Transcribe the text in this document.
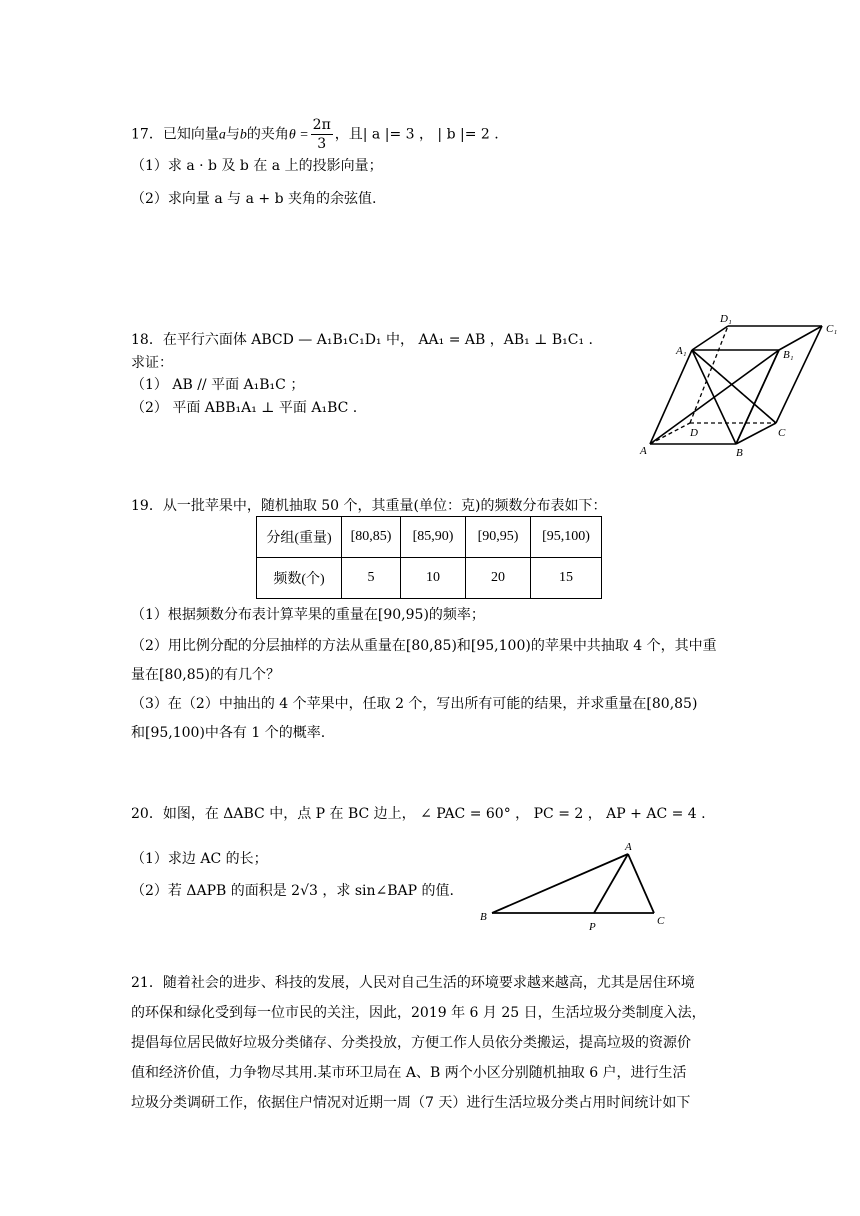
17．已知向量a与b的夹角$\theta = \frac{2\pi}{3}$ ，且| a |= 3 ， | b |= 2 .
（1）求 a · b 及 b 在 a 上的投影向量；
（2）求向量 a 与 a + b 夹角的余弦值.
18．在平行六面体 ABCD — A₁B₁C₁D₁ 中， AA₁ = AB ，AB₁ ⊥ B₁C₁ .
求证：
（1） AB // 平面 A₁B₁C ；
（2） 平面 ABB₁A₁ ⊥ 平面 A₁BC .
D₁
C₁
A₁	B₁
D	C
A	B
19．从一批苹果中，随机抽取 50 个，其重量(单位：克)的频数分布表如下：
分组(重量)	[80,85)	[85,90)	[90,95)	[95,100)
频数(个)	5	10	20	15
（1）根据频数分布表计算苹果的重量在[90,95)的频率；
（2）用比例分配的分层抽样的方法从重量在[80,85)和[95,100)的苹果中共抽取 4 个，其中重
量在[80,85)的有几个？
（3）在（2）中抽出的 4 个苹果中，任取 2 个，写出所有可能的结果，并求重量在[80,85)
和[95,100)中各有 1 个的概率.
20．如图，在 ΔABC 中，点 P 在 BC 边上， ∠ PAC = 60° ， PC = 2 ， AP + AC = 4 .
（1）求边 AC 的长；
（2）若 ΔAPB 的面积是 2√3 ，求 sin∠BAP 的值.
A
B
P	C
21．随着社会的进步、科技的发展，人民对自己生活的环境要求越来越高，尤其是居住环境
的环保和绿化受到每一位市民的关注，因此，2019 年 6 月 25 日，生活垃圾分类制度入法，
提倡每位居民做好垃圾分类储存、分类投放，方便工作人员依分类搬运，提高垃圾的资源价
值和经济价值，力争物尽其用.某市环卫局在 A、B 两个小区分别随机抽取 6 户，进行生活
垃圾分类调研工作，依据住户情况对近期一周（7 天）进行生活垃圾分类占用时间统计如下
